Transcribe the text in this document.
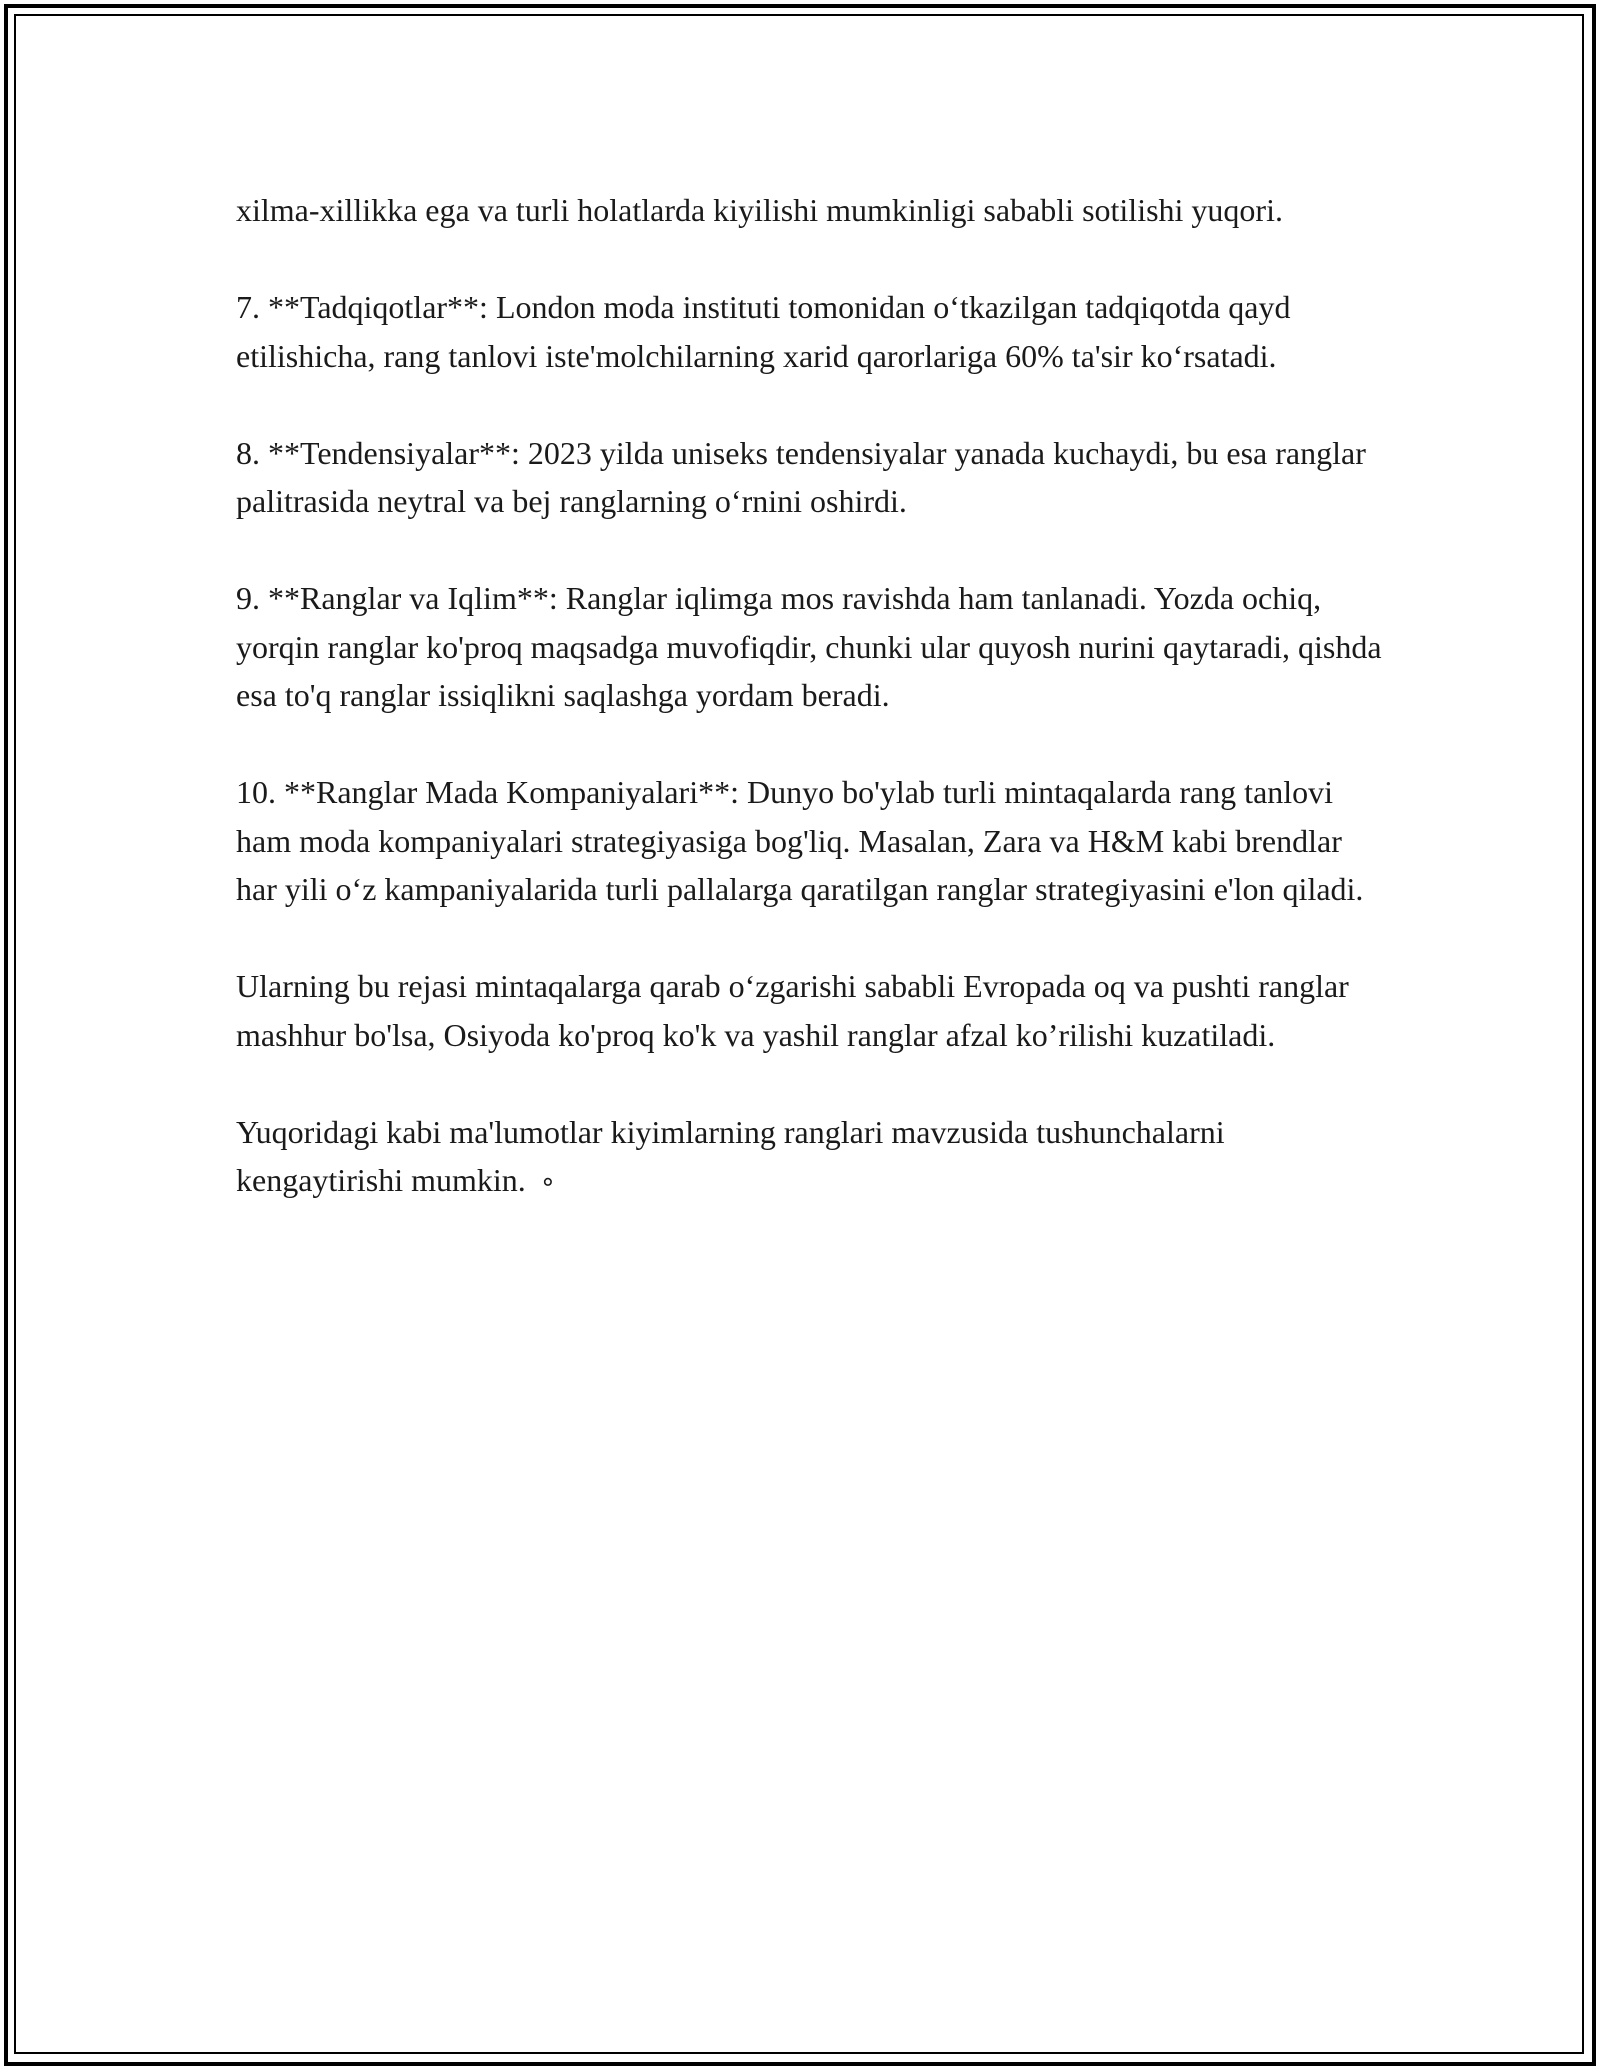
xilma-xillikka ega va turli holatlarda kiyilishi mumkinligi sababli sotilishi yuqori.

7. **Tadqiqotlar**: London moda instituti tomonidan o‘tkazilgan tadqiqotda qayd etilishicha, rang tanlovi iste'molchilarning xarid qarorlariga 60% ta'sir ko‘rsatadi.

8. **Tendensiyalar**: 2023 yilda uniseks tendensiyalar yanada kuchaydi, bu esa ranglar palitrasida neytral va bej ranglarning o‘rnini oshirdi.

9. **Ranglar va Iqlim**: Ranglar iqlimga mos ravishda ham tanlanadi. Yozda ochiq, yorqin ranglar ko'proq maqsadga muvofiqdir, chunki ular quyosh nurini qaytaradi, qishda esa to'q ranglar issiqlikni saqlashga yordam beradi.

10. **Ranglar Mada Kompaniyalari**: Dunyo bo'ylab turli mintaqalarda rang tanlovi ham moda kompaniyalari strategiyasiga bog'liq. Masalan, Zara va H&M kabi brendlar har yili o‘z kampaniyalarida turli pallalarga qaratilgan ranglar strategiyasini e'lon qiladi.

Ularning bu rejasi mintaqalarga qarab o‘zgarishi sababli Evropada oq va pushti ranglar mashhur bo'lsa, Osiyoda ko'proq ko'k va yashil ranglar afzal ko’rilishi kuzatiladi.

Yuqoridagi kabi ma'lumotlar kiyimlarning ranglari mavzusida tushunchalarni kengaytirishi mumkin. ∘
